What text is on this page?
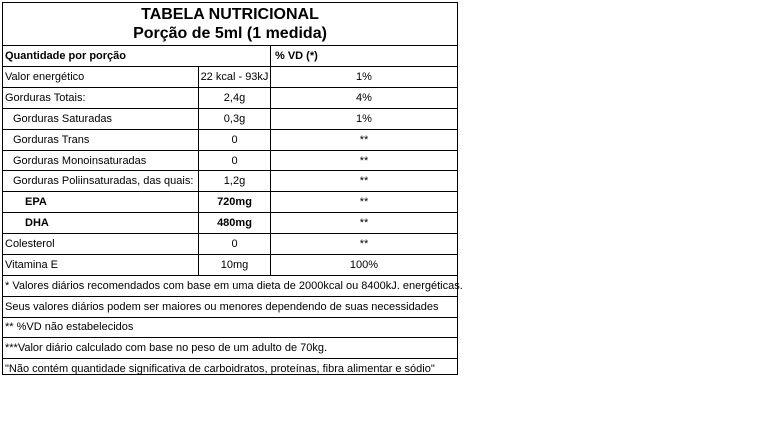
TABELA NUTRICIONAL
Porção de 5ml (1 medida)
Quantidade por porção	% VD (*)
Valor energético	22 kcal - 93kJ	1%
Gorduras Totais:	2,4g	4%
Gorduras Saturadas	0,3g	1%
Gorduras Trans	0	**
Gorduras Monoinsaturadas	0	**
Gorduras Poliinsaturadas, das quais:	1,2g	**
EPA	720mg	**
DHA	480mg	**
Colesterol	0	**
Vitamina E	10mg	100%
* Valores diários recomendados com base em uma dieta de 2000kcal ou 8400kJ. energéticas.
Seus valores diários podem ser maiores ou menores dependendo de suas necessidades
** %VD não estabelecidos
***Valor diário calculado com base no peso de um adulto de 70kg.
"Não contém quantidade significativa de carboidratos, proteínas, fibra alimentar e sódio"
